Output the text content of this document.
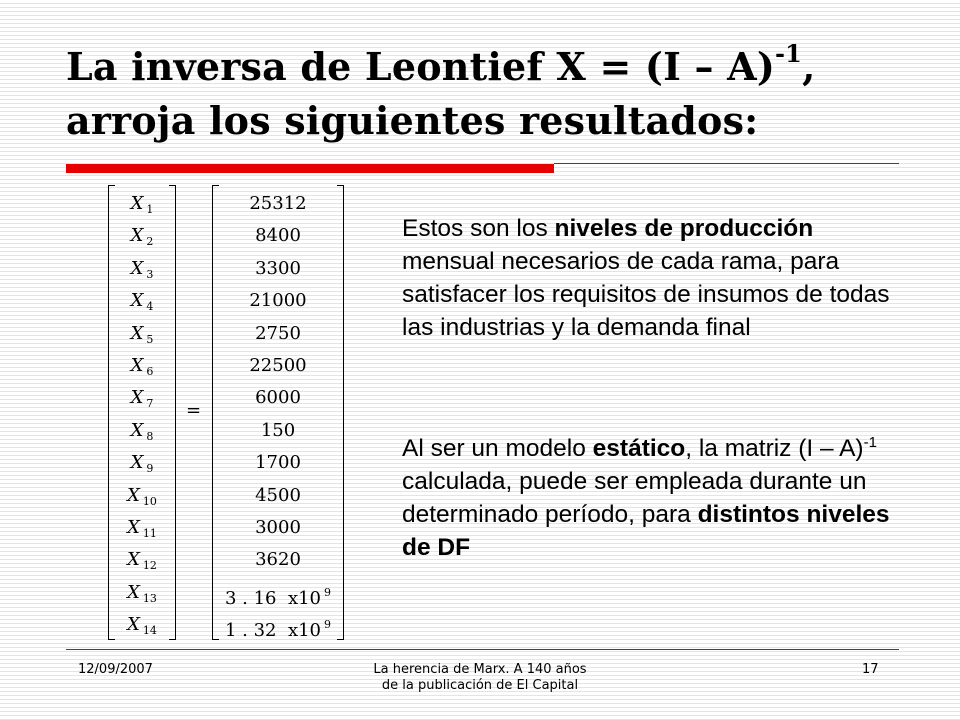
La inversa de Leontief X = (I – A)$^{-1}$,
arroja los siguientes resultados:
X $_1$
X $_2$
X $_3$
X $_4$
X $_5$
X $_6$
X $_7$
X $_8$
X $_9$
X $_{10}$
X $_{11}$
X $_{12}$
X $_{13}$
X $_{14}$
=
25312
8400
3300
21000
2750
22500
6000
150
1700
4500
3000
3620
3 . 16  x10 $^9$
1 . 32  x10 $^9$

Estos son los niveles de producción mensual necesarios de cada rama, para satisfacer los requisitos de insumos de todas las industrias y la demanda final

Al ser un modelo estático, la matriz (I – A)$^{-1}$ calculada, puede ser empleada durante un determinado período, para distintos niveles de DF

12/09/2007	La herencia de Marx. A 140 años
de la publicación de El Capital
17
